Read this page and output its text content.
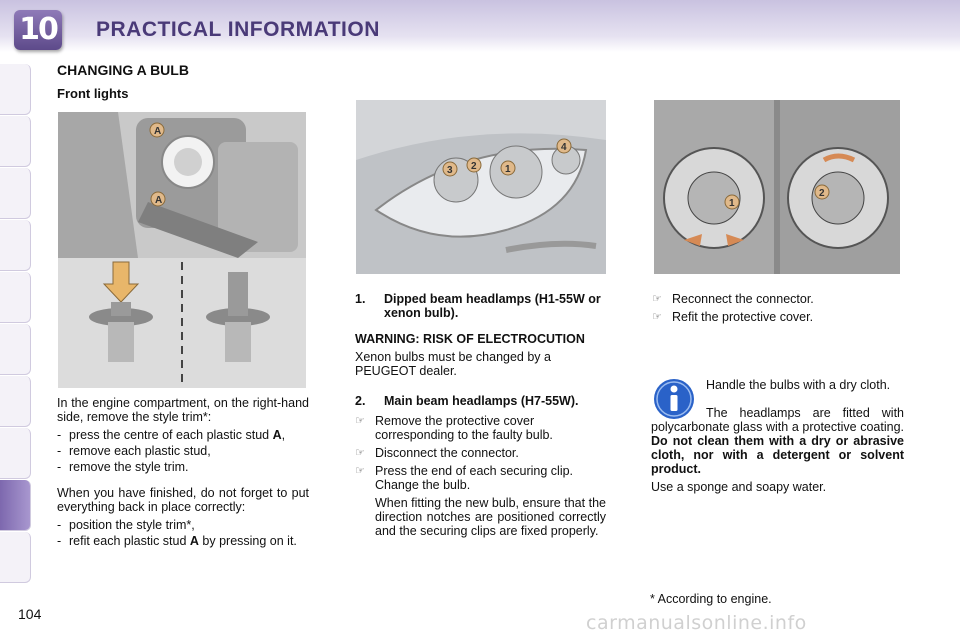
10 PRACTICAL INFORMATION
CHANGING A BULB
Front lights
A
A
3 2	1
4
1
2

In the engine compartment, on the right-hand side, remove the style trim*:

- press the centre of each plastic stud A,
- remove each plastic stud,
- remove the style trim.

When you have finished, do not forget to put everything back in place correctly:

- position the style trim*,
- refit each plastic stud A by pressing on it.
1.	Dipped beam headlamps (H1-55W or xenon bulb).

WARNING: RISK OF ELECTROCUTION

Xenon bulbs must be changed by a PEUGEOT dealer.

2.	Main beam headlamps (H7-55W).
☞ Remove the protective cover corresponding to the faulty bulb.
☞ Disconnect the connector.
☞ Press the end of each securing clip. Change the bulb.

When fitting the new bulb, ensure that the direction notches are positioned correctly and the securing clips are fixed properly.

☞ Reconnect the connector.
☞ Refit the protective cover.

Handle the bulbs with a dry cloth.

The headlamps are fitted with polycarbonate glass with a protective coating. Do not clean them with a dry or abrasive cloth, nor with a detergent or solvent product.

Use a sponge and soapy water.

* According to engine.
104	carmanualsonline.info
